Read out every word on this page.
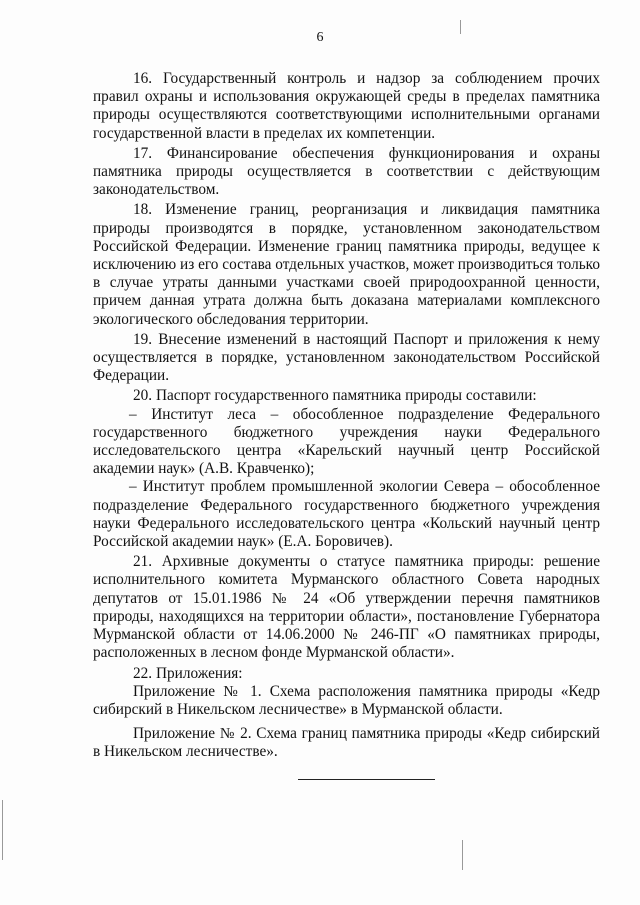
6

16. Государственный контроль и надзор за соблюдением прочих правил охраны и использования окружающей среды в пределах памятника природы осуществляются соответствующими исполнительными органами государственной власти в пределах их компетенции.

17. Финансирование обеспечения функционирования и охраны памятника природы осуществляется в соответствии с действующим законодательством.

18. Изменение границ, реорганизация и ликвидация памятника природы производятся в порядке, установленном законодательством Российской Федерации. Изменение границ памятника природы, ведущее к исключению из его состава отдельных участков, может производиться только в случае утраты данными участками своей природоохранной ценности, причем данная утрата должна быть доказана материалами комплексного экологического обследования территории.

19. Внесение изменений в настоящий Паспорт и приложения к нему осуществляется в порядке, установленном законодательством Российской Федерации.

20. Паспорт государственного памятника природы составили:

– Институт леса – обособленное подразделение Федерального государственного бюджетного учреждения науки Федерального исследовательского центра «Карельский научный центр Российской академии наук» (А.В. Кравченко);

– Институт проблем промышленной экологии Севера – обособленное подразделение Федерального государственного бюджетного учреждения науки Федерального исследовательского центра «Кольский научный центр Российской академии наук» (Е.А. Боровичев).

21. Архивные документы о статусе памятника природы: решение исполнительного комитета Мурманского областного Совета народных депутатов от 15.01.1986 № 24 «Об утверждении перечня памятников природы, находящихся на территории области», постановление Губернатора Мурманской области от 14.06.2000 № 246-ПГ «О памятниках природы, расположенных в лесном фонде Мурманской области».

22. Приложения:

Приложение № 1. Схема расположения памятника природы «Кедр сибирский в Никельском лесничестве» в Мурманской области.

Приложение № 2. Схема границ памятника природы «Кедр сибирский в Никельском лесничестве».
